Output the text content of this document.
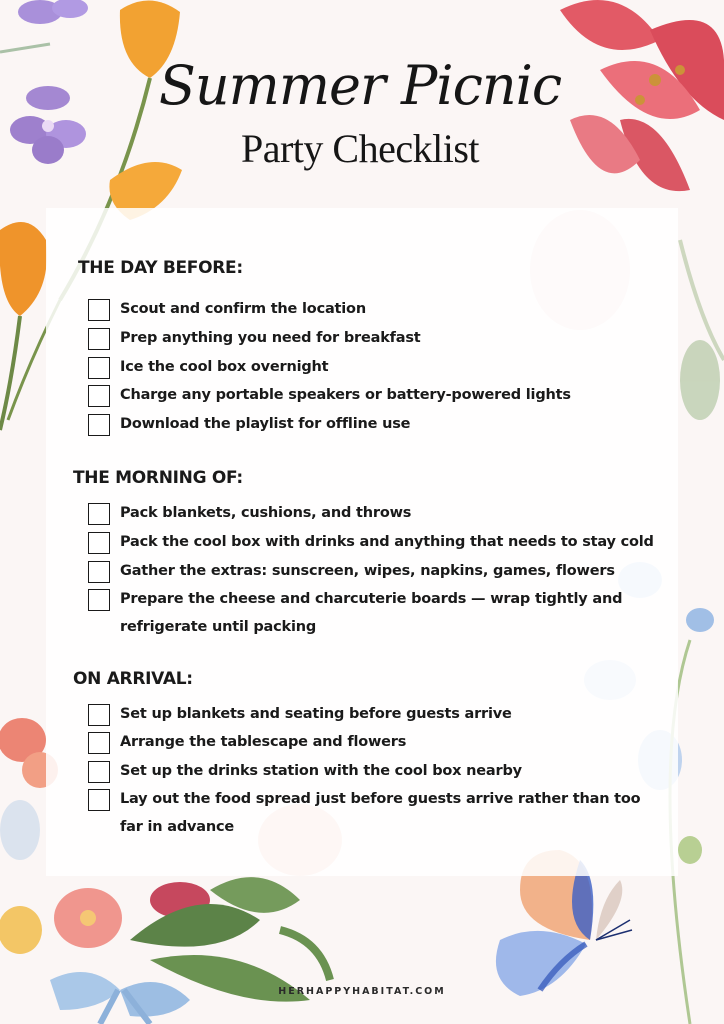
Summer Picnic
Party Checklist
THE DAY BEFORE:
Scout and confirm the location
Prep anything you need for breakfast
Ice the cool box overnight
Charge any portable speakers or battery-powered lights
Download the playlist for offline use
THE MORNING OF:
Pack blankets, cushions, and throws
Pack the cool box with drinks and anything that needs to stay cold
Gather the extras: sunscreen, wipes, napkins, games, flowers
Prepare the cheese and charcuterie boards — wrap tightly and refrigerate until packing
ON ARRIVAL:
Set up blankets and seating before guests arrive
Arrange the tablescape and flowers
Set up the drinks station with the cool box nearby
Lay out the food spread just before guests arrive rather than too far in advance
HERHAPPYHABITAT.COM
